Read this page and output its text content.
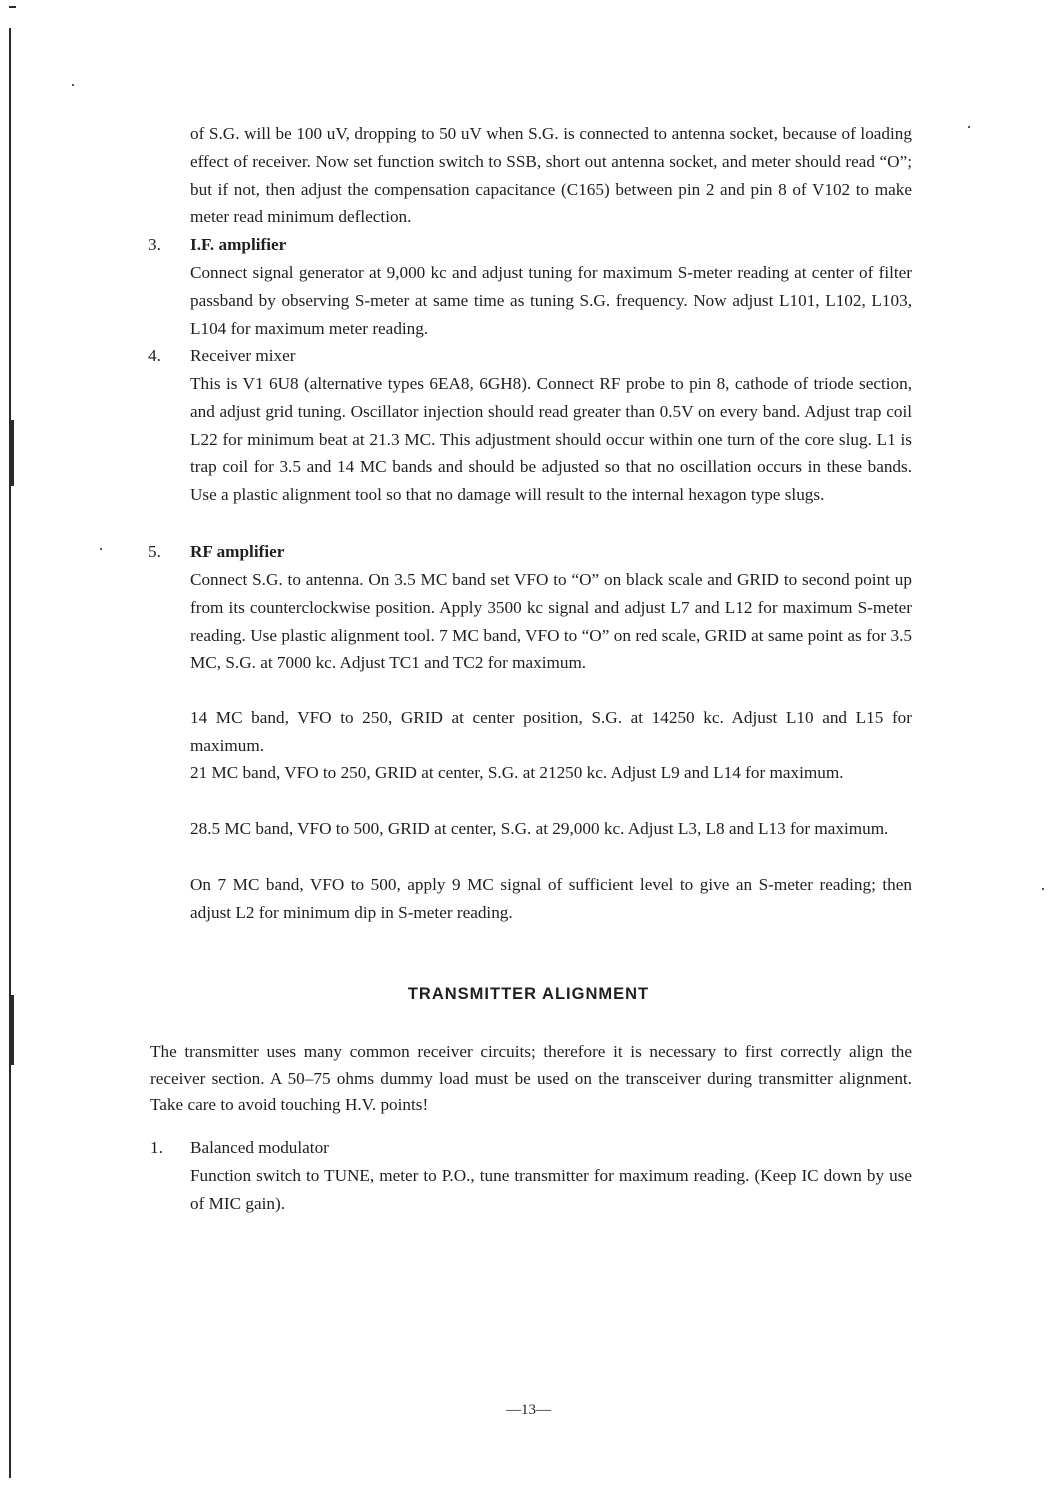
of S.G. will be 100 uV, dropping to 50 uV when S.G. is connected to antenna socket, because of loading effect of receiver. Now set function switch to SSB, short out antenna socket, and meter should read “O”; but if not, then adjust the compensation capacitance (C165) between pin 2 and pin 8 of V102 to make meter read minimum deflection.
3. I.F. amplifier
Connect signal generator at 9,000 kc and adjust tuning for maximum S-meter reading at center of filter passband by observing S-meter at same time as tuning S.G. frequency. Now adjust L101, L102, L103, L104 for maximum meter reading.
4. Receiver mixer
This is V1 6U8 (alternative types 6EA8, 6GH8). Connect RF probe to pin 8, cathode of triode section, and adjust grid tuning. Oscillator injection should read greater than 0.5V on every band. Adjust trap coil L22 for minimum beat at 21.3 MC. This adjustment should occur within one turn of the core slug. L1 is trap coil for 3.5 and 14 MC bands and should be adjusted so that no oscillation occurs in these bands. Use a plastic alignment tool so that no damage will result to the internal hexagon type slugs.
5. RF amplifier
Connect S.G. to antenna. On 3.5 MC band set VFO to “O” on black scale and GRID to second point up from its counterclockwise position. Apply 3500 kc signal and adjust L7 and L12 for maximum S-meter reading. Use plastic alignment tool. 7 MC band, VFO to “O” on red scale, GRID at same point as for 3.5 MC, S.G. at 7000 kc. Adjust TC1 and TC2 for maximum.
14 MC band, VFO to 250, GRID at center position, S.G. at 14250 kc. Adjust L10 and L15 for maximum.
21 MC band, VFO to 250, GRID at center, S.G. at 21250 kc. Adjust L9 and L14 for maximum.
28.5 MC band, VFO to 500, GRID at center, S.G. at 29,000 kc. Adjust L3, L8 and L13 for maximum.
On 7 MC band, VFO to 500, apply 9 MC signal of sufficient level to give an S-meter reading; then adjust L2 for minimum dip in S-meter reading.
TRANSMITTER ALIGNMENT
The transmitter uses many common receiver circuits; therefore it is necessary to first correctly align the receiver section. A 50–75 ohms dummy load must be used on the transceiver during transmitter alignment. Take care to avoid touching H.V. points!
1. Balanced modulator
Function switch to TUNE, meter to P.O., tune transmitter for maximum reading. (Keep IC down by use of MIC gain).
—13—
